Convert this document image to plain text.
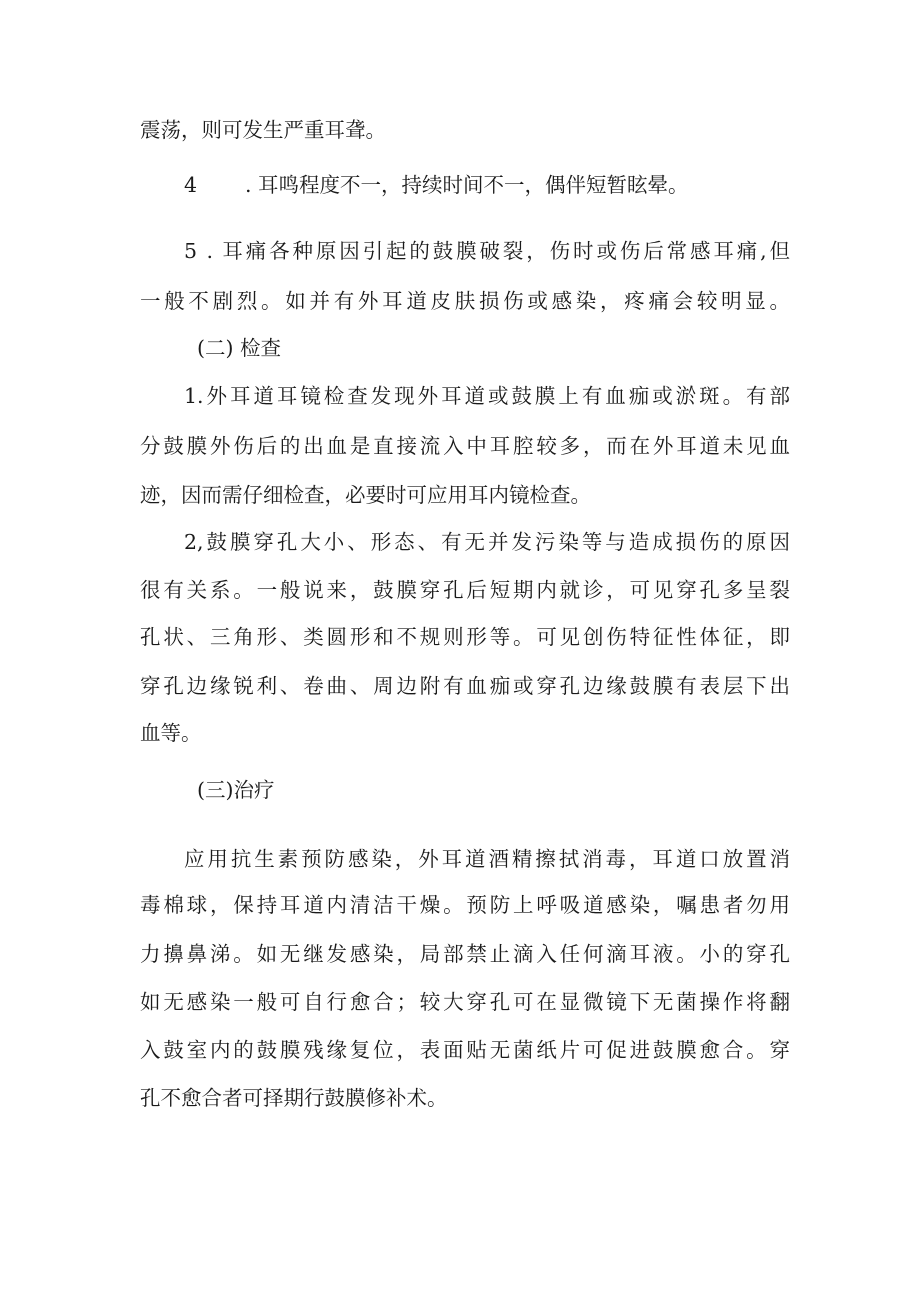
震荡，则可发生严重耳聋。
4 . 耳鸣程度不一，持续时间不一，偶伴短暂眩晕。
5 . 耳痛各种原因引起的鼓膜破裂，伤时或伤后常感耳痛,但
一般不剧烈。如并有外耳道皮肤损伤或感染，疼痛会较明显。
(二) 检查
1.外耳道耳镜检查发现外耳道或鼓膜上有血痂或淤斑。有部
分鼓膜外伤后的出血是直接流入中耳腔较多，而在外耳道未见血
迹，因而需仔细检查，必要时可应用耳内镜检查。
2,鼓膜穿孔大小、形态、有无并发污染等与造成损伤的原因
很有关系。一般说来，鼓膜穿孔后短期内就诊，可见穿孔多呈裂
孔状、三角形、类圆形和不规则形等。可见创伤特征性体征，即
穿孔边缘锐利、卷曲、周边附有血痂或穿孔边缘鼓膜有表层下出
血等。
(三)治疗
应用抗生素预防感染，外耳道酒精擦拭消毒，耳道口放置消
毒棉球，保持耳道内清洁干燥。预防上呼吸道感染，嘱患者勿用
力擤鼻涕。如无继发感染，局部禁止滴入任何滴耳液。小的穿孔
如无感染一般可自行愈合；较大穿孔可在显微镜下无菌操作将翻
入鼓室内的鼓膜残缘复位，表面贴无菌纸片可促进鼓膜愈合。穿
孔不愈合者可择期行鼓膜修补术。
